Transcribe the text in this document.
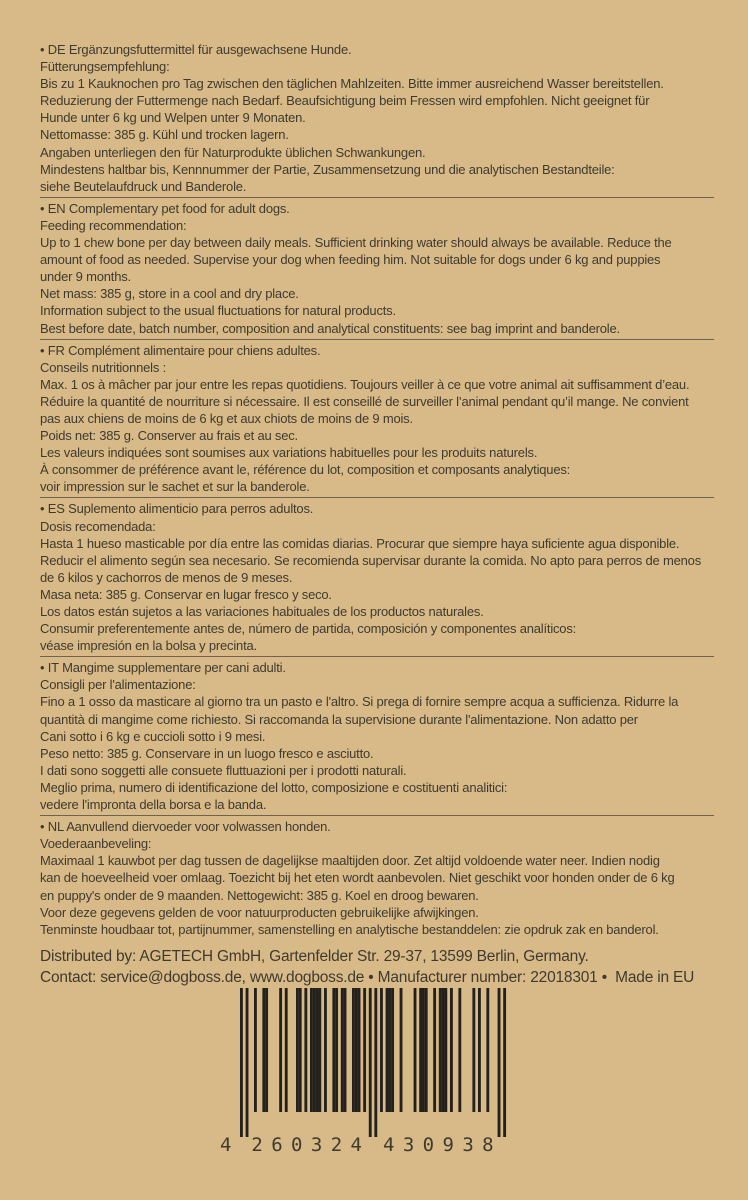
• DE Ergänzungsfuttermittel für ausgewachsene Hunde.
Fütterungsempfehlung:
Bis zu 1 Kauknochen pro Tag zwischen den täglichen Mahlzeiten. Bitte immer ausreichend Wasser bereitstellen.
Reduzierung der Futtermenge nach Bedarf. Beaufsichtigung beim Fressen wird empfohlen. Nicht geeignet für
Hunde unter 6 kg und Welpen unter 9 Monaten.
Nettomasse: 385 g. Kühl und trocken lagern.
Angaben unterliegen den für Naturprodukte üblichen Schwankungen.
Mindestens haltbar bis, Kennnummer der Partie, Zusammensetzung und die analytischen Bestandteile:
siehe Beutelaufdruck und Banderole.
• EN Complementary pet food for adult dogs.
Feeding recommendation:
Up to 1 chew bone per day between daily meals. Sufficient drinking water should always be available. Reduce the
amount of food as needed. Supervise your dog when feeding him. Not suitable for dogs under 6 kg and puppies
under 9 months.
Net mass: 385 g, store in a cool and dry place.
Information subject to the usual fluctuations for natural products.
Best before date, batch number, composition and analytical constituents: see bag imprint and banderole.
• FR Complément alimentaire pour chiens adultes.
Conseils nutritionnels :
Max. 1 os à mâcher par jour entre les repas quotidiens. Toujours veiller à ce que votre animal ait suffisamment d’eau.
Réduire la quantité de nourriture si nécessaire. Il est conseillé de surveiller l’animal pendant qu’il mange. Ne convient
pas aux chiens de moins de 6 kg et aux chiots de moins de 9 mois.
Poids net: 385 g. Conserver au frais et au sec.
Les valeurs indiquées sont soumises aux variations habituelles pour les produits naturels.
À consommer de préférence avant le, référence du lot, composition et composants analytiques:
voir impression sur le sachet et sur la banderole.
• ES Suplemento alimenticio para perros adultos.
Dosis recomendada:
Hasta 1 hueso masticable por día entre las comidas diarias. Procurar que siempre haya suficiente agua disponible.
Reducir el alimento según sea necesario. Se recomienda supervisar durante la comida. No apto para perros de menos
de 6 kilos y cachorros de menos de 9 meses.
Masa neta: 385 g. Conservar en lugar fresco y seco.
Los datos están sujetos a las variaciones habituales de los productos naturales.
Consumir preferentemente antes de, número de partida, composición y componentes analíticos:
véase impresión en la bolsa y precinta.
• IT Mangime supplementare per cani adulti.
Consigli per l'alimentazione:
Fino a 1 osso da masticare al giorno tra un pasto e l'altro. Si prega di fornire sempre acqua a sufficienza. Ridurre la
quantità di mangime come richiesto. Si raccomanda la supervisione durante l'alimentazione. Non adatto per
Cani sotto i 6 kg e cuccioli sotto i 9 mesi.
Peso netto: 385 g. Conservare in un luogo fresco e asciutto.
I dati sono soggetti alle consuete fluttuazioni per i prodotti naturali.
Meglio prima, numero di identificazione del lotto, composizione e costituenti analitici:
vedere l'impronta della borsa e la banda.
• NL Aanvullend diervoeder voor volwassen honden.
Voederaanbeveling:
Maximaal 1 kauwbot per dag tussen de dagelijkse maaltijden door. Zet altijd voldoende water neer. Indien nodig
kan de hoeveelheid voer omlaag. Toezicht bij het eten wordt aanbevolen. Niet geschikt voor honden onder de 6 kg
en puppy's onder de 9 maanden. Nettogewicht: 385 g. Koel en droog bewaren.
Voor deze gegevens gelden de voor natuurproducten gebruikelijke afwijkingen.
Tenminste houdbaar tot, partijnummer, samenstelling en analytische bestanddelen: zie opdruk zak en banderol.
Distributed by: AGETECH GmbH, Gartenfelder Str. 29-37, 13599 Berlin, Germany.
Contact: service@dogboss.de, www.dogboss.de • Manufacturer number: 22018301 •  Made in EU
4 260324 430938
